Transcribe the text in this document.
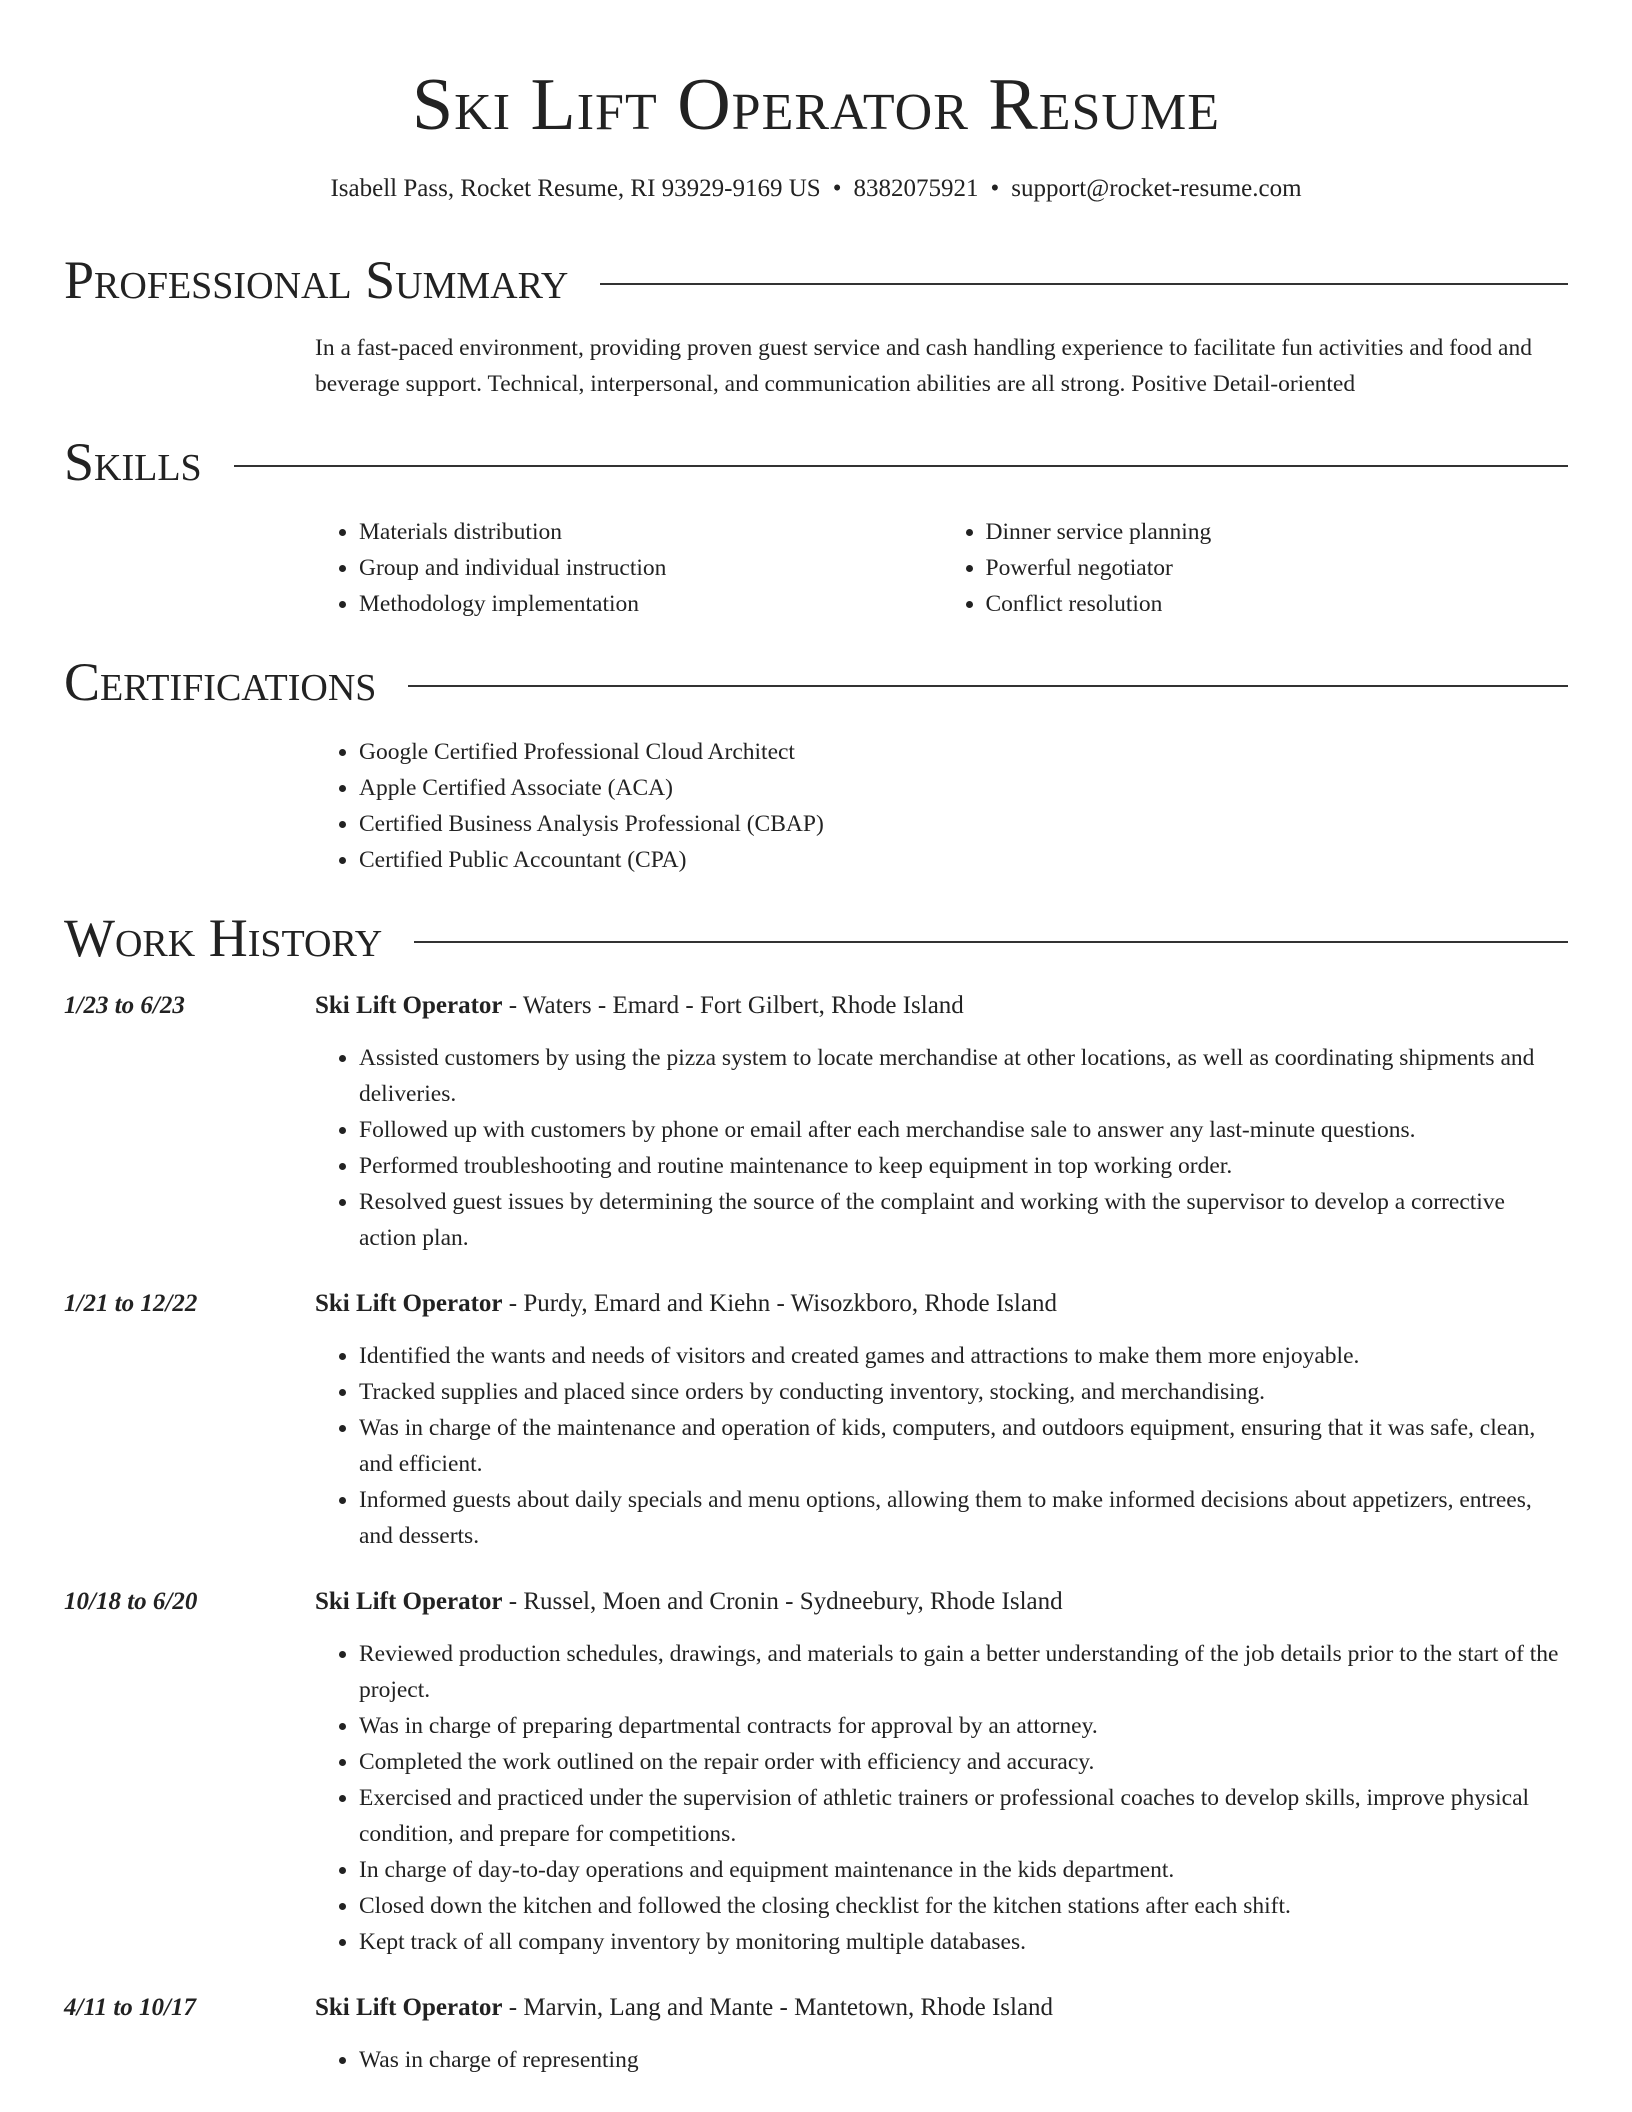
Ski Lift Operator Resume
Isabell Pass, Rocket Resume, RI 93929-9169 US • 8382075921 • support@rocket-resume.com
Professional Summary
In a fast-paced environment, providing proven guest service and cash handling experience to facilitate fun activities and food and beverage support. Technical, interpersonal, and communication abilities are all strong. Positive Detail-oriented
Skills
• Materials distribution
• Group and individual instruction
• Methodology implementation
• Dinner service planning
• Powerful negotiator
• Conflict resolution
Certifications
• Google Certified Professional Cloud Architect
• Apple Certified Associate (ACA)
• Certified Business Analysis Professional (CBAP)
• Certified Public Accountant (CPA)
Work History
1/23 to 6/23	Ski Lift Operator - Waters - Emard - Fort Gilbert, Rhode Island
• Assisted customers by using the pizza system to locate merchandise at other locations, as well as coordinating shipments and deliveries.
• Followed up with customers by phone or email after each merchandise sale to answer any last-minute questions.
• Performed troubleshooting and routine maintenance to keep equipment in top working order.
• Resolved guest issues by determining the source of the complaint and working with the supervisor to develop a corrective action plan.
1/21 to 12/22	Ski Lift Operator - Purdy, Emard and Kiehn - Wisozkboro, Rhode Island
• Identified the wants and needs of visitors and created games and attractions to make them more enjoyable.
• Tracked supplies and placed since orders by conducting inventory, stocking, and merchandising.
• Was in charge of the maintenance and operation of kids, computers, and outdoors equipment, ensuring that it was safe, clean, and efficient.
• Informed guests about daily specials and menu options, allowing them to make informed decisions about appetizers, entrees, and desserts.
10/18 to 6/20	Ski Lift Operator - Russel, Moen and Cronin - Sydneebury, Rhode Island
• Reviewed production schedules, drawings, and materials to gain a better understanding of the job details prior to the start of the project.
• Was in charge of preparing departmental contracts for approval by an attorney.
• Completed the work outlined on the repair order with efficiency and accuracy.
• Exercised and practiced under the supervision of athletic trainers or professional coaches to develop skills, improve physical condition, and prepare for competitions.
• In charge of day-to-day operations and equipment maintenance in the kids department.
• Closed down the kitchen and followed the closing checklist for the kitchen stations after each shift.
• Kept track of all company inventory by monitoring multiple databases.
4/11 to 10/17	Ski Lift Operator - Marvin, Lang and Mante - Mantetown, Rhode Island
• Was in charge of representing
